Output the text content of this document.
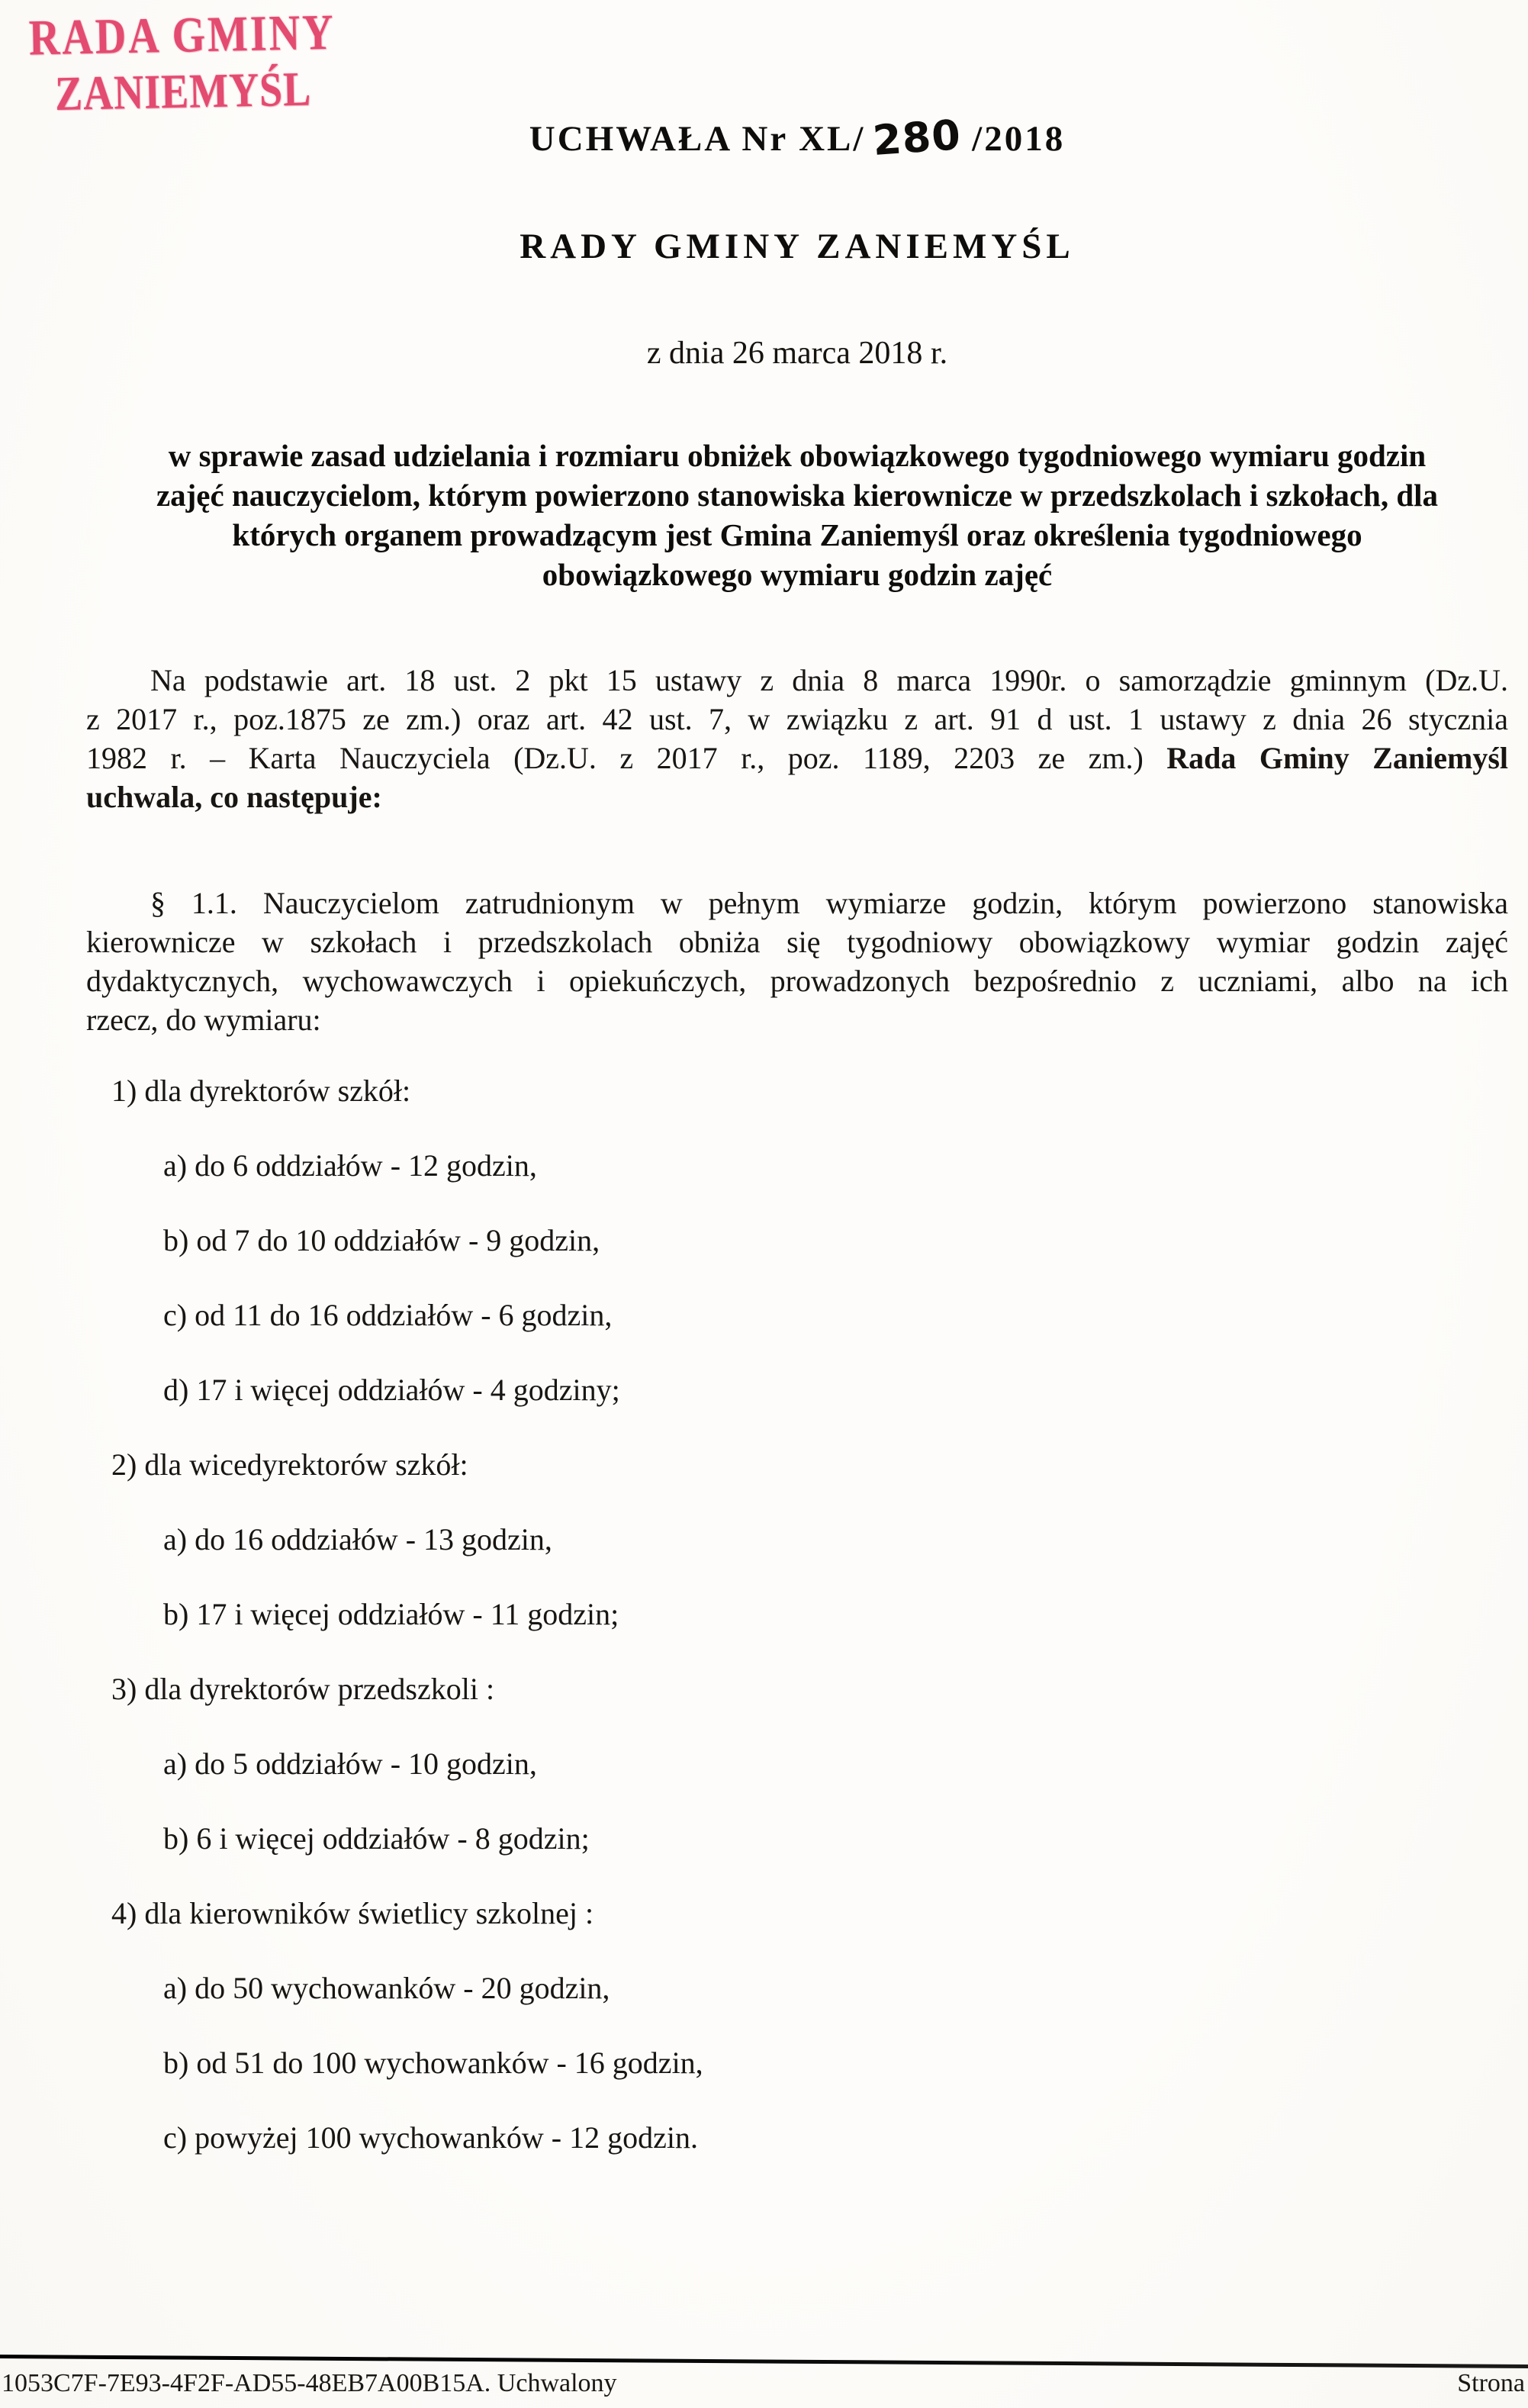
RADA GMINY
ZANIEMYŚL
UCHWAŁA Nr XL/ 280 /2018
RADY GMINY ZANIEMYŚL
z dnia 26 marca 2018 r.
w sprawie zasad udzielania i rozmiaru obniżek obowiązkowego tygodniowego wymiaru godzin
zajęć nauczycielom, którym powierzono stanowiska kierownicze w przedszkolach i szkołach, dla
których organem prowadzącym jest Gmina Zaniemyśl oraz określenia tygodniowego
obowiązkowego wymiaru godzin zajęć
Na podstawie art. 18 ust. 2 pkt 15 ustawy z dnia 8 marca 1990r. o samorządzie gminnym (Dz.U.
z 2017 r., poz.1875 ze zm.) oraz art. 42 ust. 7, w związku z art. 91 d ust. 1 ustawy z dnia 26 stycznia
1982 r. – Karta Nauczyciela (Dz.U. z 2017 r., poz. 1189, 2203 ze zm.) Rada Gminy Zaniemyśl
uchwala, co następuje:
§ 1.1. Nauczycielom zatrudnionym w pełnym wymiarze godzin, którym powierzono stanowiska
kierownicze w szkołach i przedszkolach obniża się tygodniowy obowiązkowy wymiar godzin zajęć
dydaktycznych, wychowawczych i opiekuńczych, prowadzonych bezpośrednio z uczniami, albo na ich
rzecz, do wymiaru:
1) dla dyrektorów szkół:
a) do 6 oddziałów - 12 godzin,
b) od 7 do 10 oddziałów - 9 godzin,
c) od 11 do 16 oddziałów - 6 godzin,
d) 17 i więcej oddziałów - 4 godziny;
2) dla wicedyrektorów szkół:
a) do 16 oddziałów - 13 godzin,
b) 17 i więcej oddziałów - 11 godzin;
3) dla dyrektorów przedszkoli :
a) do 5 oddziałów - 10 godzin,
b) 6 i więcej oddziałów - 8 godzin;
4) dla kierowników świetlicy szkolnej :
a) do 50 wychowanków - 20 godzin,
b) od 51 do 100 wychowanków - 16 godzin,
c) powyżej 100 wychowanków - 12 godzin.
1053C7F-7E93-4F2F-AD55-48EB7A00B15A. Uchwalony	Strona
